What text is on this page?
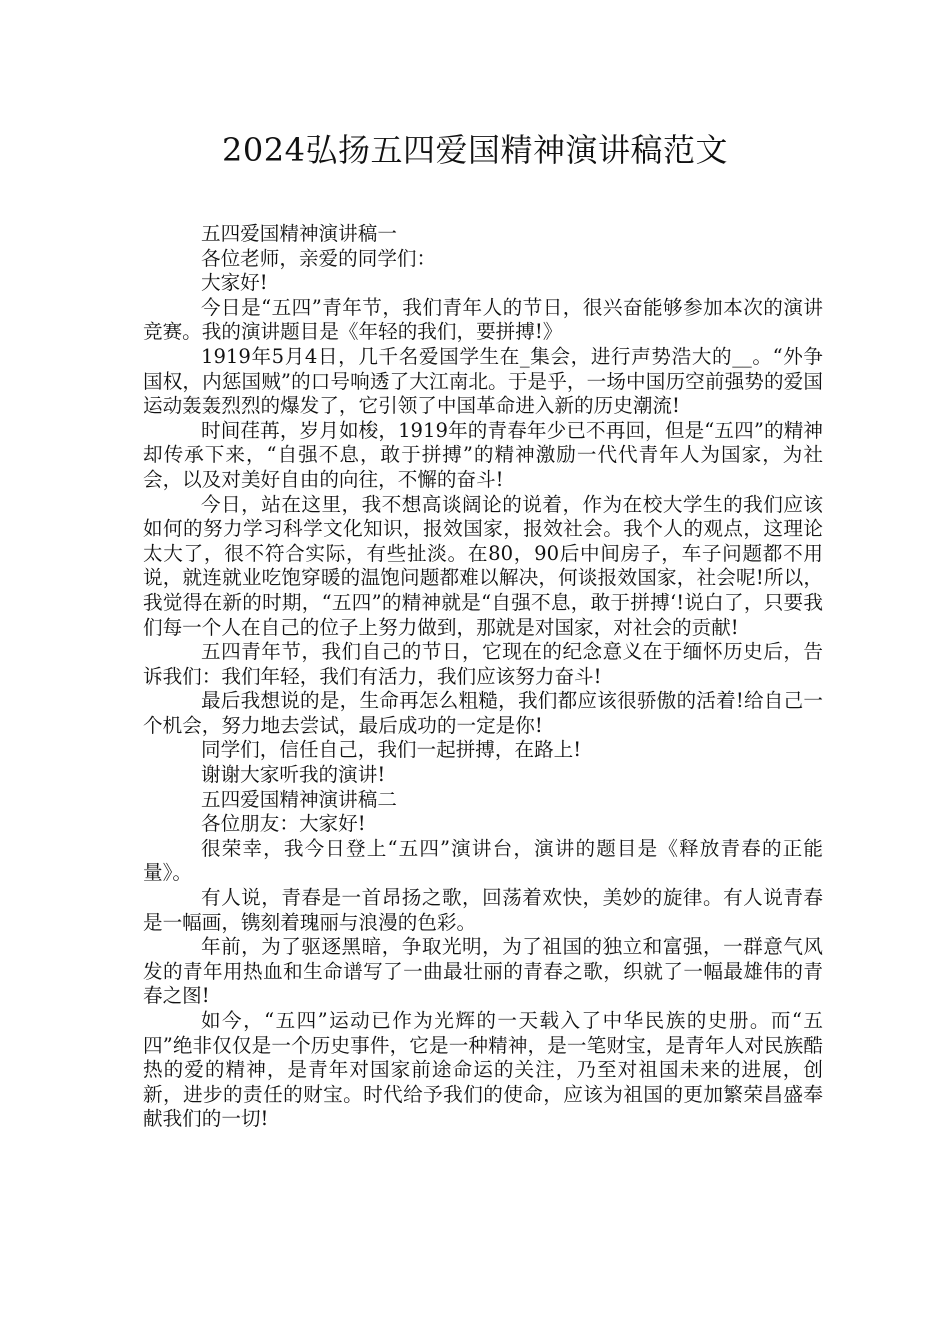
2024弘扬五四爱国精神演讲稿范文

五四爱国精神演讲稿一

各位老师，亲爱的同学们：

大家好!

今日是“五四”青年节，我们青年人的节日，很兴奋能够参加本次的演讲竞赛。我的演讲题目是《年轻的我们，要拼搏!》

1919年5月4日，几千名爱国学生在_集会，进行声势浩大的__。“外争国权，内惩国贼”的口号响透了大江南北。于是乎，一场中国历空前强势的爱国运动轰轰烈烈的爆发了，它引领了中国革命进入新的历史潮流!

时间荏苒，岁月如梭，1919年的青春年少已不再回，但是“五四”的精神却传承下来，“自强不息，敢于拼搏”的精神激励一代代青年人为国家，为社会，以及对美好自由的向往，不懈的奋斗!

今日，站在这里，我不想高谈阔论的说着，作为在校大学生的我们应该如何的努力学习科学文化知识，报效国家，报效社会。我个人的观点，这理论太大了，很不符合实际，有些扯淡。在80，90后中间房子，车子问题都不用说，就连就业吃饱穿暖的温饱问题都难以解决，何谈报效国家，社会呢!所以，我觉得在新的时期，“五四”的精神就是“自强不息，敢于拼搏‘!说白了，只要我们每一个人在自己的位子上努力做到，那就是对国家，对社会的贡献!

五四青年节，我们自己的节日，它现在的纪念意义在于缅怀历史后，告诉我们：我们年轻，我们有活力，我们应该努力奋斗!

最后我想说的是，生命再怎么粗糙，我们都应该很骄傲的活着!给自己一个机会，努力地去尝试，最后成功的一定是你!

同学们，信任自己，我们一起拼搏，在路上!

谢谢大家听我的演讲!

五四爱国精神演讲稿二

各位朋友：大家好!

很荣幸，我今日登上“五四”演讲台，演讲的题目是《释放青春的正能量》。

有人说，青春是一首昂扬之歌，回荡着欢快，美妙的旋律。有人说青春是一幅画，镌刻着瑰丽与浪漫的色彩。

年前，为了驱逐黑暗，争取光明，为了祖国的独立和富强，一群意气风发的青年用热血和生命谱写了一曲最壮丽的青春之歌，织就了一幅最雄伟的青春之图!

如今，“五四”运动已作为光辉的一天载入了中华民族的史册。而“五四”绝非仅仅是一个历史事件，它是一种精神，是一笔财宝，是青年人对民族酷热的爱的精神，是青年对国家前途命运的关注，乃至对祖国未来的进展，创新，进步的责任的财宝。时代给予我们的使命，应该为祖国的更加繁荣昌盛奉献我们的一切!
